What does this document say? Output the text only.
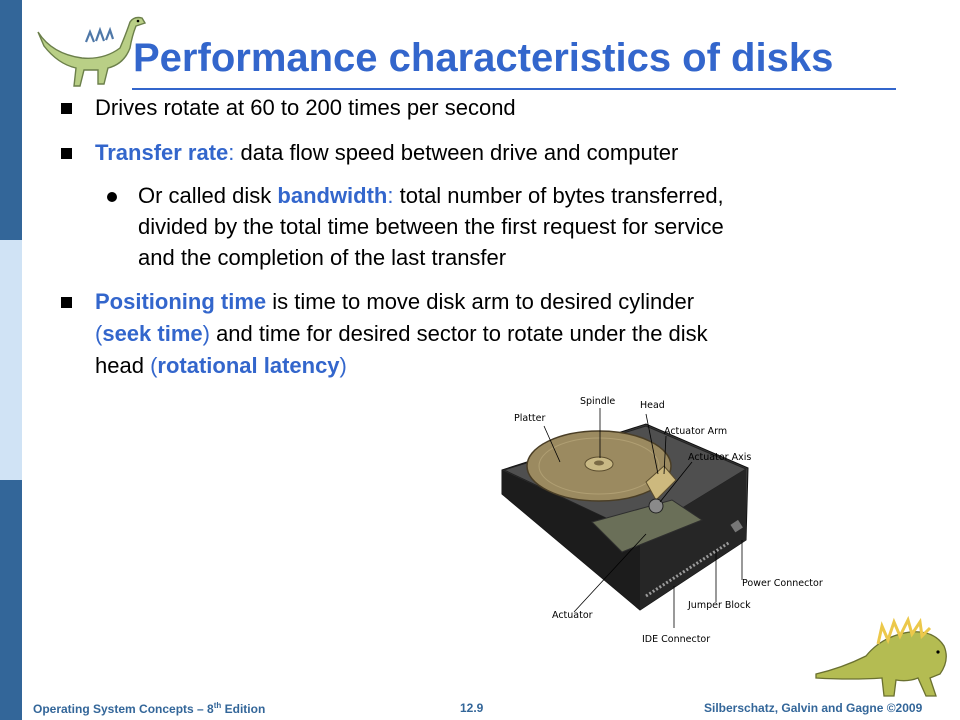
Performance characteristics of disks
Drives rotate at 60 to 200 times per second
Transfer rate: data flow speed between drive and computer
Or called disk bandwidth: total number of bytes transferred,
divided by the total time between the first request for service
and the completion of the last transfer
Positioning time is time to move disk arm to desired cylinder
(seek time) and time for desired sector to rotate under the disk
head (rotational latency)
Platter
Spindle	Head
Actuator Arm
Actuator Axis
Power Connector
Jumper Block
IDE Connector
Actuator
Operating System Concepts – 8th Edition	12.9	Silberschatz, Galvin and Gagne ©2009
